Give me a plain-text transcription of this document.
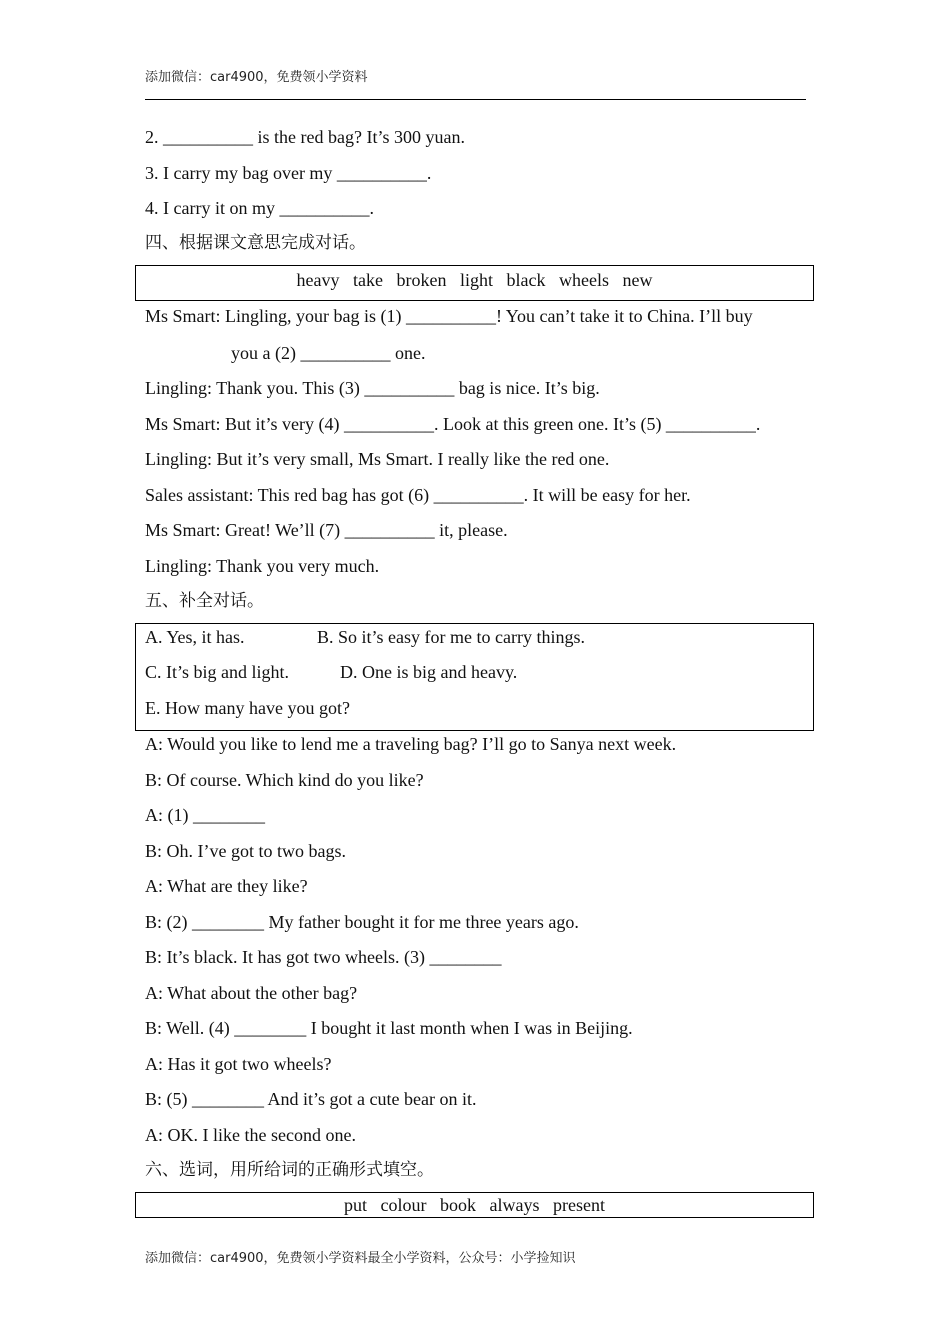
添加微信：car4900，免费领小学资料
2. __________ is the red bag? It’s 300 yuan.
3. I carry my bag over my __________.
4. I carry it on my __________.
四、根据课文意思完成对话。
heavy   take   broken   light   black   wheels   new
Ms Smart: Lingling, your bag is (1) __________! You can’t take it to China. I’ll buy
you a (2) __________ one.
Lingling: Thank you. This (3) __________ bag is nice. It’s big.
Ms Smart: But it’s very (4) __________. Look at this green one. It’s (5) __________.
Lingling: But it’s very small, Ms Smart. I really like the red one.
Sales assistant: This red bag has got (6) __________. It will be easy for her.
Ms Smart: Great! We’ll (7) __________ it, please.
Lingling: Thank you very much.
五、补全对话。
A. Yes, it has.	B. So it’s easy for me to carry things.
C. It’s big and light.	D. One is big and heavy.
E. How many have you got?
A: Would you like to lend me a traveling bag? I’ll go to Sanya next week.
B: Of course. Which kind do you like?
A: (1) ________
B: Oh. I’ve got to two bags.
A: What are they like?
B: (2) ________ My father bought it for me three years ago.
B: It’s black. It has got two wheels. (3) ________
A: What about the other bag?
B: Well. (4) ________ I bought it last month when I was in Beijing.
A: Has it got two wheels?
B: (5) ________ And it’s got a cute bear on it.
A: OK. I like the second one.
六、选词，用所给词的正确形式填空。
put   colour   book   always   present
添加微信：car4900，免费领小学资料最全小学资料，公众号：小学捡知识
